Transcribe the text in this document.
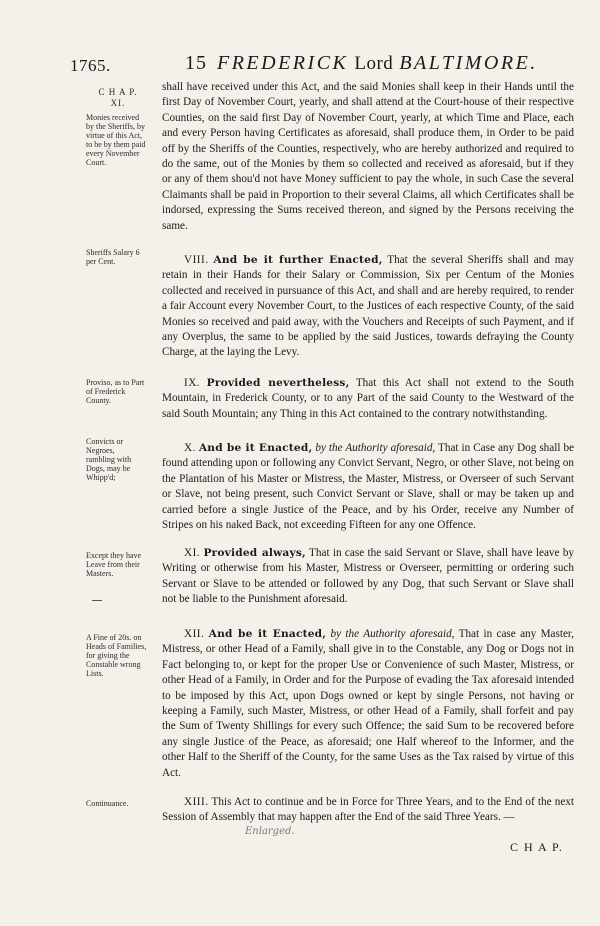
1765.	15 FREDERICK Lord BALTIMORE.
C H A P.
XI.
Monies received by the Sheriffs, by virtue of this Act, to be by them paid every November Court.
Sheriffs Salary 6 per Cent.
Proviso, as to Part of Frederick County.
Convicts or Negroes, rambling with Dogs, may be Whipp'd;
Except they have Leave from their Masters.
A Fine of 20s. on Heads of Families, for giving the Constable wrong Lists.
Continuance.

shall have received under this Act, and the said Monies shall keep in their Hands until the first Day of November Court, yearly, and shall attend at the Court-house of their respective Counties, on the said first Day of November Court, yearly, at which Time and Place, each and every Person having Certificates as aforesaid, shall produce them, in Order to be paid off by the Sheriffs of the Counties, respectively, who are hereby authorized and required to do the same, out of the Monies by them so collected and received as aforesaid, but if they or any of them shou'd not have Money sufficient to pay the whole, in such Case the several Claimants shall be paid in Proportion to their several Claims, all which Certificates shall be indorsed, expressing the Sums received thereon, and signed by the Persons receiving the same.

VIII. And be it further Enacted, That the several Sheriffs shall and may retain in their Hands for their Salary or Commission, Six per Centum of the Monies collected and received in pursuance of this Act, and shall and are hereby required, to render a fair Account every November Court, to the Justices of each respective County, of the said Monies so received and paid away, with the Vouchers and Receipts of such Payment, and if any Overplus, the same to be applied by the said Justices, towards defraying the County Charge, at the laying the Levy.

IX. Provided nevertheless, That this Act shall not extend to the South Mountain, in Frederick County, or to any Part of the said County to the Westward of the said South Mountain; any Thing in this Act contained to the contrary notwithstanding.

X. And be it Enacted, by the Authority aforesaid, That in Case any Dog shall be found attending upon or following any Convict Servant, Negro, or other Slave, not being on the Plantation of his Master or Mistress, the Master, Mistress, or Overseer of such Servant or Slave, not being present, such Convict Servant or Slave, shall or may be taken up and carried before a single Justice of the Peace, and by his Order, receive any Number of Stripes on his naked Back, not exceeding Fifteen for any one Offence.

XI. Provided always, That in case the said Servant or Slave, shall have leave by Writing or otherwise from his Master, Mistress or Overseer, permitting or ordering such Servant or Slave to be attended or followed by any Dog, that such Servant or Slave shall not be liable to the Punishment aforesaid.

XII. And be it Enacted, by the Authority aforesaid, That in case any Master, Mistress, or other Head of a Family, shall give in to the Constable, any Dog or Dogs not in Fact belonging to, or kept for the proper Use or Convenience of such Master, Mistress, or other Head of a Family, in Order and for the Purpose of evading the Tax aforesaid intended to be imposed by this Act, upon Dogs owned or kept by single Persons, not having or keeping a Family, such Master, Mistress, or other Head of a Family, shall forfeit and pay the Sum of Twenty Shillings for every such Offence; the said Sum to be recovered before any single Justice of the Peace, as aforesaid; one Half whereof to the Informer, and the other Half to the Sheriff of the County, for the same Uses as the Tax raised by virtue of this Act.

XIII. This Act to continue and be in Force for Three Years, and to the End of the next Session of Assembly that may happen after the End of the said Three Years. —

Enlarged.
C H A P.
